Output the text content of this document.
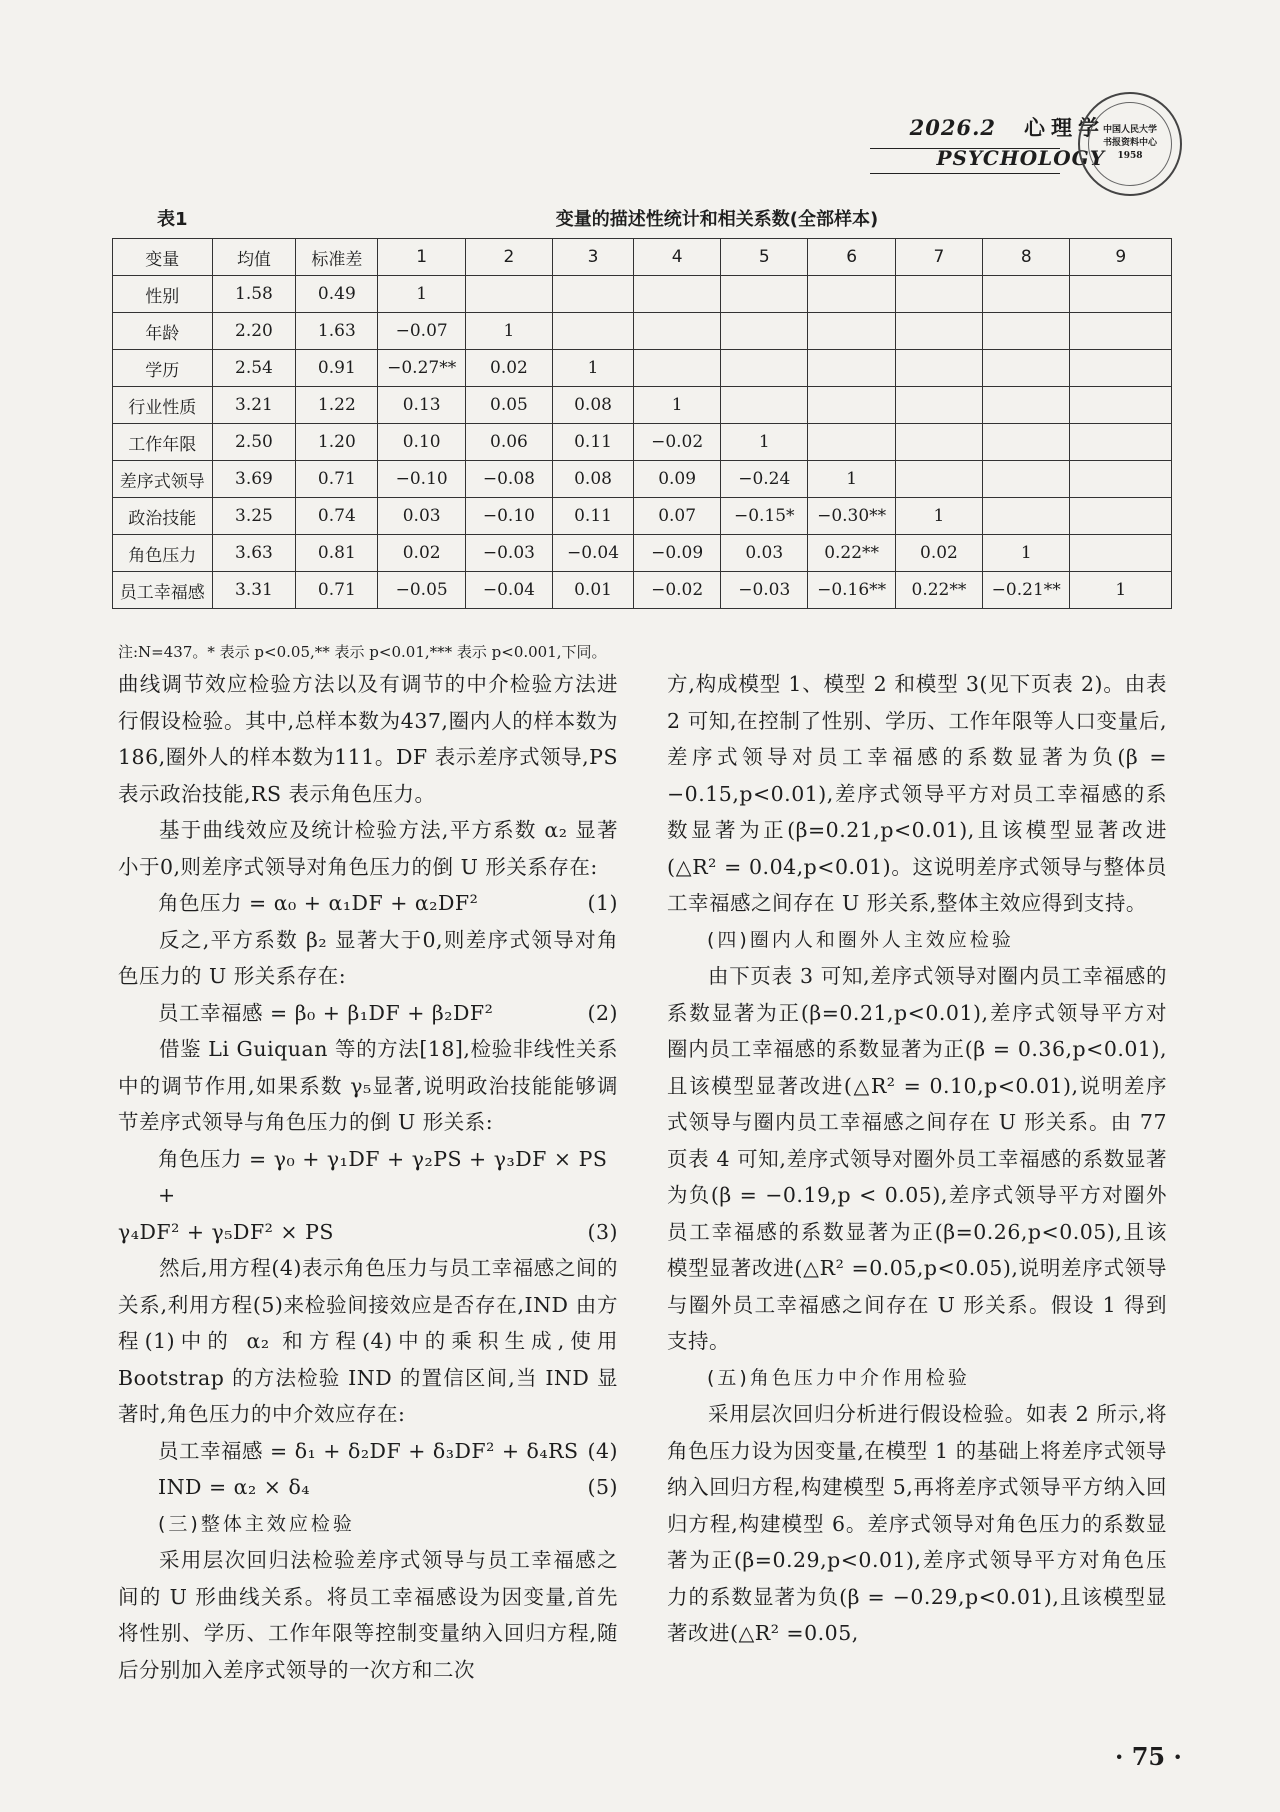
2026.2 心理学
PSYCHOLOGY
中国人民大学
书报资料中心
1958
表1	变量的描述性统计和相关系数(全部样本)
变量	均值	标准差	1	2	3	4	5	6	7	8	9
性别	1.58	0.49	1								
年龄	2.20	1.63	−0.07	1							
学历	2.54	0.91	−0.27**	0.02	1						
行业性质	3.21	1.22	0.13	0.05	0.08	1					
工作年限	2.50	1.20	0.10	0.06	0.11	−0.02	1				
差序式领导	3.69	0.71	−0.10	−0.08	0.08	0.09	−0.24	1			
政治技能	3.25	0.74	0.03	−0.10	0.11	0.07	−0.15*	−0.30**	1		
角色压力	3.63	0.81	0.02	−0.03	−0.04	−0.09	0.03	0.22**	0.02	1	
员工幸福感	3.31	0.71	−0.05	−0.04	0.01	−0.02	−0.03	−0.16**	0.22**	−0.21**	1
注:N=437。* 表示 p<0.05,** 表示 p<0.01,*** 表示 p<0.001,下同。

曲线调节效应检验方法以及有调节的中介检验方法进行假设检验。其中,总样本数为437,圈内人的样本数为186,圈外人的样本数为111。DF 表示差序式领导,PS 表示政治技能,RS 表示角色压力。

基于曲线效应及统计检验方法,平方系数 α₂ 显著小于0,则差序式领导对角色压力的倒 U 形关系存在:

角色压力 = α₀ + α₁DF + α₂DF²	(1)

反之,平方系数 β₂ 显著大于0,则差序式领导对角色压力的 U 形关系存在:

员工幸福感 = β₀ + β₁DF + β₂DF²	(2)

借鉴 Li Guiquan 等的方法[18],检验非线性关系中的调节作用,如果系数 γ₅显著,说明政治技能能够调节差序式领导与角色压力的倒 U 形关系:

角色压力 = γ₀ + γ₁DF + γ₂PS + γ₃DF × PS +
γ₄DF² + γ₅DF² × PS	(3)

然后,用方程(4)表示角色压力与员工幸福感之间的关系,利用方程(5)来检验间接效应是否存在,IND 由方程(1)中的 α₂ 和方程(4)中的乘积生成,使用 Bootstrap 的方法检验 IND 的置信区间,当 IND 显著时,角色压力的中介效应存在:

员工幸福感 = δ₁ + δ₂DF + δ₃DF² + δ₄RS (4)
IND = α₂ × δ₄	(5)
(三)整体主效应检验

采用层次回归法检验差序式领导与员工幸福感之间的 U 形曲线关系。将员工幸福感设为因变量,首先将性别、学历、工作年限等控制变量纳入回归方程,随后分别加入差序式领导的一次方和二次

方,构成模型 1、模型 2 和模型 3(见下页表 2)。由表 2 可知,在控制了性别、学历、工作年限等人口变量后,差序式领导对员工幸福感的系数显著为负(β = −0.15,p<0.01),差序式领导平方对员工幸福感的系数显著为正(β=0.21,p<0.01),且该模型显著改进(△R² = 0.04,p<0.01)。这说明差序式领导与整体员工幸福感之间存在 U 形关系,整体主效应得到支持。

(四)圈内人和圈外人主效应检验

由下页表 3 可知,差序式领导对圈内员工幸福感的系数显著为正(β=0.21,p<0.01),差序式领导平方对圈内员工幸福感的系数显著为正(β = 0.36,p<0.01),且该模型显著改进(△R² = 0.10,p<0.01),说明差序式领导与圈内员工幸福感之间存在 U 形关系。由 77 页表 4 可知,差序式领导对圈外员工幸福感的系数显著为负(β = −0.19,p < 0.05),差序式领导平方对圈外员工幸福感的系数显著为正(β=0.26,p<0.05),且该模型显著改进(△R² =0.05,p<0.05),说明差序式领导与圈外员工幸福感之间存在 U 形关系。假设 1 得到支持。

(五)角色压力中介作用检验

采用层次回归分析进行假设检验。如表 2 所示,将角色压力设为因变量,在模型 1 的基础上将差序式领导纳入回归方程,构建模型 5,再将差序式领导平方纳入回归方程,构建模型 6。差序式领导对角色压力的系数显著为正(β=0.29,p<0.01),差序式领导平方对角色压力的系数显著为负(β = −0.29,p<0.01),且该模型显著改进(△R² =0.05,

· 75 ·
